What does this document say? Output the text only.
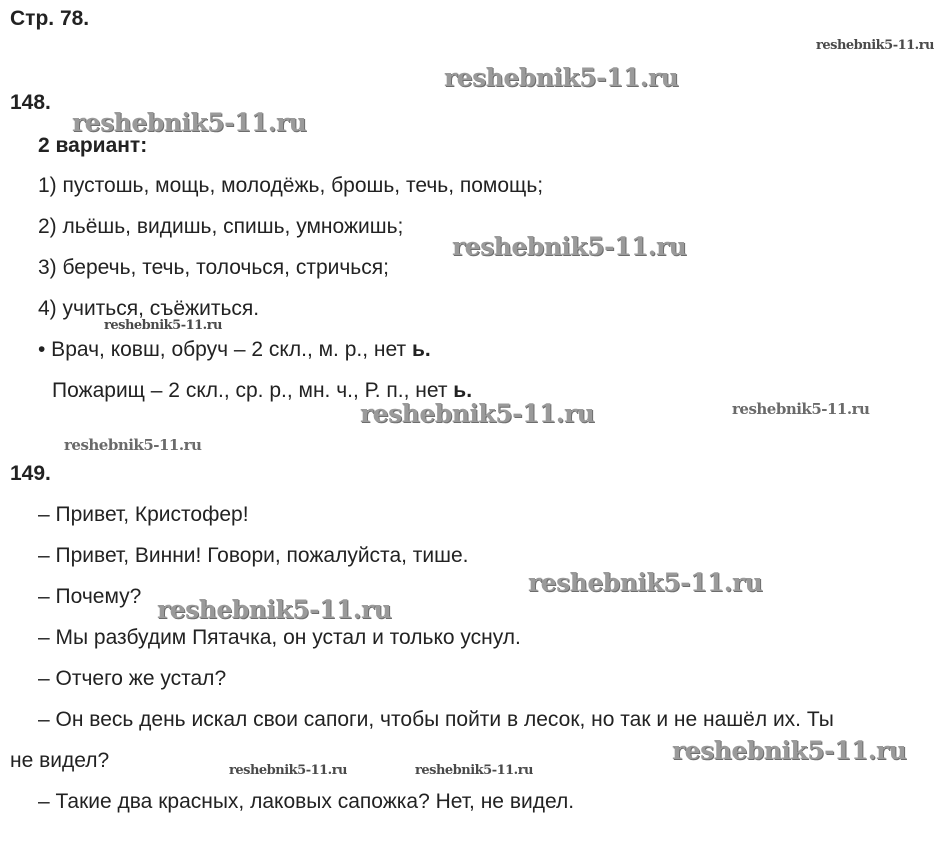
Стр. 78.
148.
2 вариант:
1) пустошь, мощь, молодёжь, брошь, течь, помощь;
2) льёшь, видишь, спишь, умножишь;
3) беречь, течь, толочься, стричься;
4) учиться, съёжиться.
• Врач, ковш, обруч – 2 скл., м. р., нет ь.
Пожарищ – 2 скл., ср. р., мн. ч., Р. п., нет ь.
149.
– Привет, Кристофер!
– Привет, Винни! Говори, пожалуйста, тише.
– Почему?
– Мы разбудим Пятачка, он устал и только уснул.
– Отчего же устал?
– Он весь день искал свои сапоги, чтобы пойти в лесок, но так и не нашёл их. Ты
не видел?
– Такие два красных, лаковых сапожка? Нет, не видел.
reshebnik5-11.ru
reshebnik5-11.ru
reshebnik5-11.ru
reshebnik5-11.ru
reshebnik5-11.ru
reshebnik5-11.ru	reshebnik5-11.ru
reshebnik5-11.ru
reshebnik5-11.ru
reshebnik5-11.ru
reshebnik5-11.ru
reshebnik5-11.ru	reshebnik5-11.ru
